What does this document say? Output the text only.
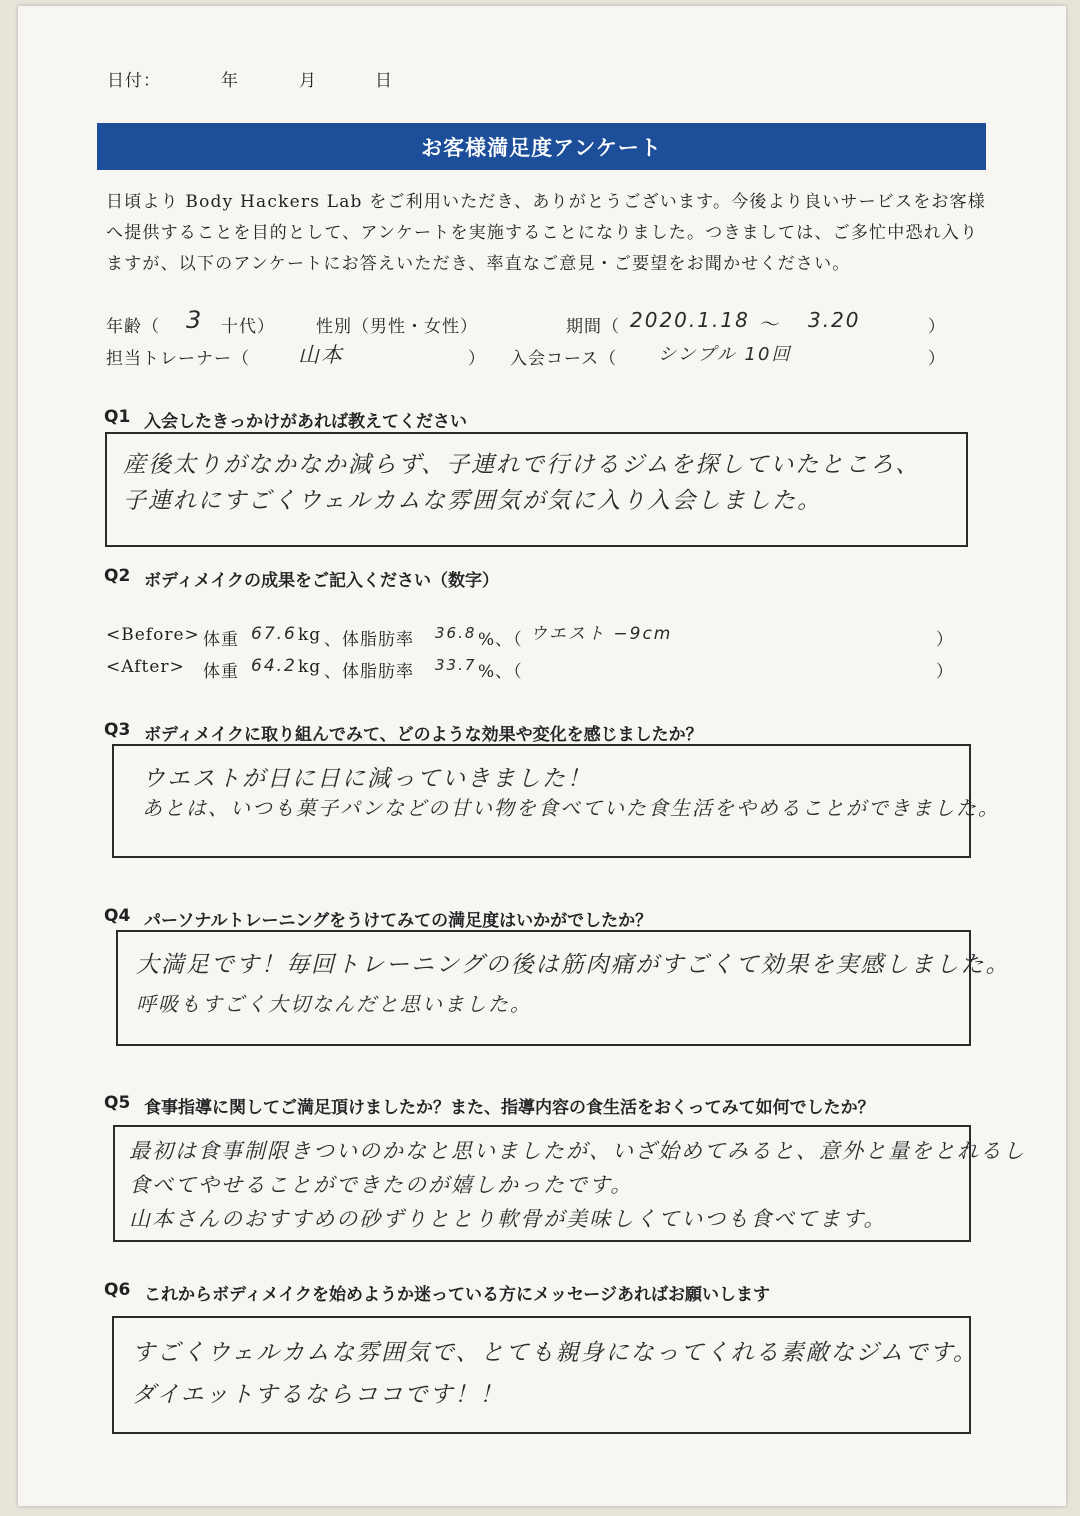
日付：	年	月	日
お客様満足度アンケート
日頃より Body Hackers Lab をご利用いただき、ありがとうございます。今後より良いサービスをお客様へ提供することを目的として、アンケートを実施することになりました。つきましては、ご多忙中恐れ入りますが、以下のアンケートにお答えいただき、率直なご意見・ご要望をお聞かせください。
年齢（ 3 十代） 性別（男性・女性）	期間（ 2020.1.18 〜 3.20	）
担当トレーナー（ 山本	） 入会コース（ シンプル 10回	）
Q1 入会したきっかけがあれば教えてください
産後太りがなかなか減らず、子連れで行けるジムを探していたところ、
子連れにすごくウェルカムな雰囲気が気に入り入会しました。
Q2 ボディメイクの成果をご記入ください（数字）
<Before> 体重 67.6 kg 、体脂肪率 36.8 %、（ ウエスト −9cm	）
<After> 体重 64.2 kg 、体脂肪率 33.7 %、（	）
Q3 ボディメイクに取り組んでみて、どのような効果や変化を感じましたか？
ウエストが日に日に減っていきました！
あとは、いつも菓子パンなどの甘い物を食べていた食生活をやめることができました。
Q4 パーソナルトレーニングをうけてみての満足度はいかがでしたか？
大満足です！毎回トレーニングの後は筋肉痛がすごくて効果を実感しました。
呼吸もすごく大切なんだと思いました。
Q5 食事指導に関してご満足頂けましたか？また、指導内容の食生活をおくってみて如何でしたか？
最初は食事制限きついのかなと思いましたが、いざ始めてみると、意外と量をとれるし
食べてやせることができたのが嬉しかったです。
山本さんのおすすめの砂ずりととり軟骨が美味しくていつも食べてます。
Q6 これからボディメイクを始めようか迷っている方にメッセージあればお願いします
すごくウェルカムな雰囲気で、とても親身になってくれる素敵なジムです。
ダイエットするならココです！！
